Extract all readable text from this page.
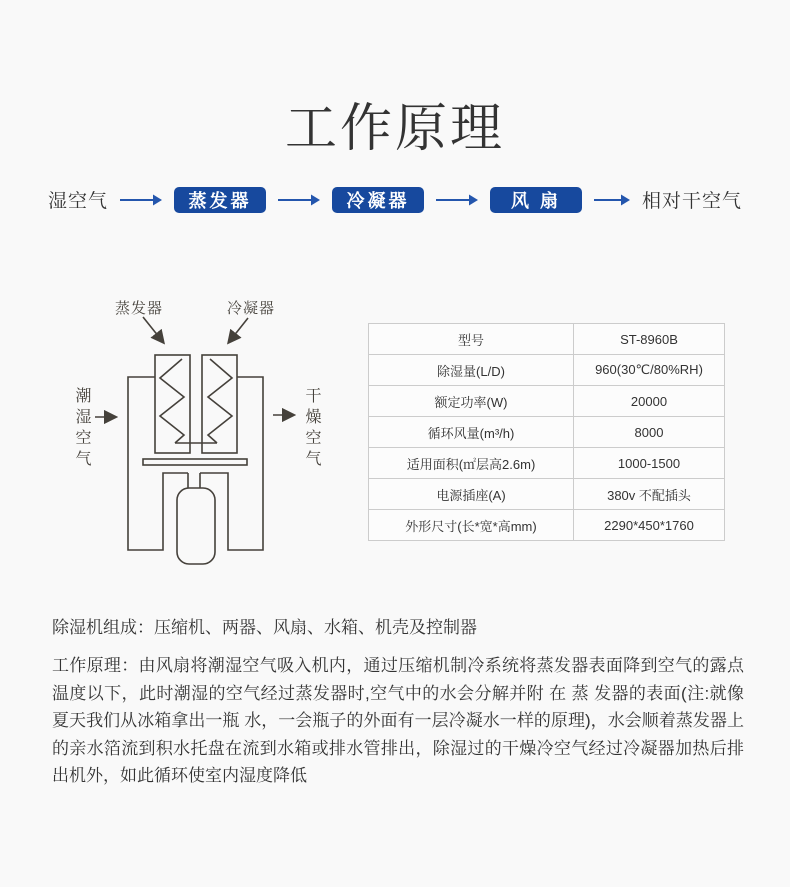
工作原理
湿空气	蒸发器	冷凝器	风 扇	相对干空气
蒸发器	冷凝器
潮湿空气	干燥空气
型号	ST-8960B
除湿量(L/D)	960(30℃/80%RH)
额定功率(W)	20000
循环风量(m³/h)	8000
适用面积(㎡层高2.6m)	1000-1500
电源插座(A)	380v 不配插头
外形尺寸(长*宽*高mm)	2290*450*1760

除湿机组成：压缩机、两器、风扇、水箱、机壳及控制器

工作原理：由风扇将潮湿空气吸入机内，通过压缩机制冷系统将蒸发器表面降到空气的露点温度以下，此时潮湿的空气经过蒸发器时,空气中的水会分解并附 在 蒸 发器的表面(注:就像夏天我们从冰箱拿出一瓶 水，一会瓶子的外面有一层冷凝水一样的原理)，水会顺着蒸发器上的亲水箔流到积水托盘在流到水箱或排水管排出，除湿过的干燥冷空气经过冷凝器加热后排出机外，如此循环使室内湿度降低
